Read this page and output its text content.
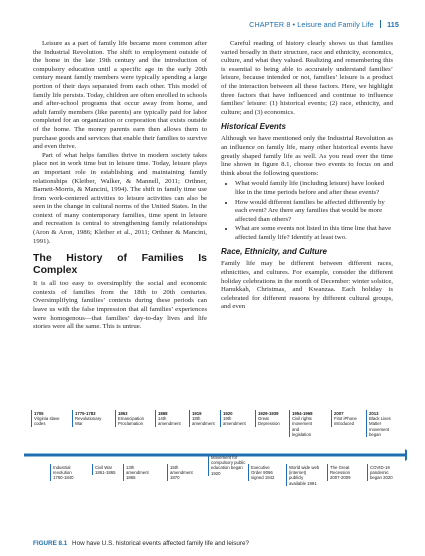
CHAPTER 8 • Leisure and Family Life 115

Leisure as a part of family life became more common after the Industrial Revolution. The shift to employment outside of the home in the late 19th century and the introduction of compulsory education until a specific age in the early 20th century meant family members were typically spending a large portion of their days separated from each other. This model of family life persists. Today, children are often enrolled in schools and after-school programs that occur away from home, and adult family members (like parents) are typically paid for labor completed for an organization or corporation that exists outside of the home. The money parents earn then allows them to purchase goods and services that enable their families to survive and even thrive.

Part of what helps families thrive in modern society takes place not in work time but in leisure time. Today, leisure plays an important role in establishing and maintaining family relationships (Kleiber, Walker, & Mannell, 2011; Orthner, Barnett-Morris, & Mancini, 1994). The shift in family time use from work-centered activities to leisure activities can also be seen in the change in cultural norms of the United States. In the context of many contemporary families, time spent in leisure and recreation is central to strengthening family relationships (Aron & Aron, 1986; Kleiber et al., 2011; Orthner & Mancini, 1991).

The History of Families Is Complex

It is all too easy to oversimplify the social and economic contexts of families from the 18th to 20th centuries. Oversimplifying families’ contexts during these periods can leave us with the false impression that all families’ experiences were homogenous—that families’ day-to-day lives and life stories were all the same. This is untrue.

Careful reading of history clearly shows us that families varied broadly in their structure, race and ethnicity, economics, culture, and what they valued. Realizing and remembering this is essential to being able to accurately understand families’ leisure, because intended or not, families’ leisure is a product of the interaction between all these factors. Here, we highlight three factors that have influenced and continue to influence families’ leisure: (1) historical events; (2) race, ethnicity, and culture; and (3) economics.

Historical Events

Although we have mentioned only the Industrial Revolution as an influence on family life, many other historical events have greatly shaped family life as well. As you read over the time line shown in figure 8.1, choose two events to focus on and think about the following questions:

• What would family life (including leisure) have looked like in the time periods before and after these events?
• How would different families be affected differently by each event? Are there any families that would be more affected than others?
• What are some events not listed in this time line that have affected family life? Identify at least two.
Race, Ethnicity, and Culture

Family life may be different between different races, ethnicities, and cultures. For example, consider the different holiday celebrations in the month of December: winter solstice, Hanukkah, Christmas, and Kwanzaa. Each holiday is celebrated for different reasons by different cultural groups, and even

1705
Virginia slave codes
1775-1783
Revolutionary War
1863
Emancipation Proclamation
1868
14th amendment
1919
18th amendment
1920
19th amendment
1929-1939
Great Depression
1954-1968
Civil rights movement and legislation
2007
First iPhone introduced
2013
Black Lives Matter movement began
Industrial revolution 1760-1840
Civil War 1861-1865
13th amendment 1865
15th amendment 1870
Movement for compulsory public education began 1920
Executive Order 9066 signed 1942
World wide web (internet) publicly available 1991
The Great Recession 2007-2009
COVID-19 pandemic began 2020
FIGURE 8.1 How have U.S. historical events affected family life and leisure?
